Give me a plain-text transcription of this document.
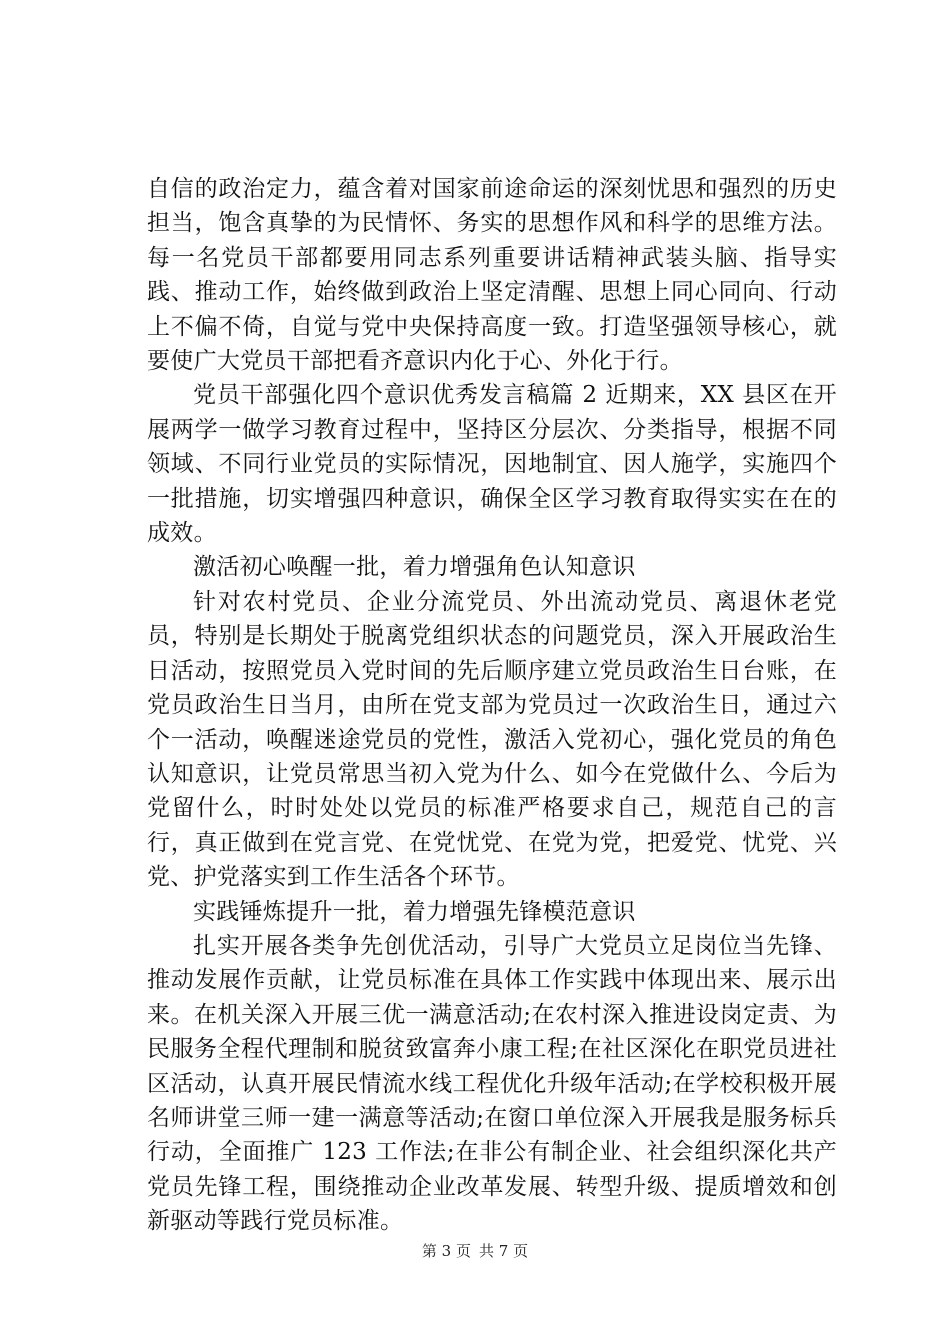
自信的政治定力，蕴含着对国家前途命运的深刻忧思和强烈的历史担当，饱含真挚的为民情怀、务实的思想作风和科学的思维方法。每一名党员干部都要用同志系列重要讲话精神武装头脑、指导实践、推动工作，始终做到政治上坚定清醒、思想上同心同向、行动上不偏不倚，自觉与党中央保持高度一致。打造坚强领导核心，就要使广大党员干部把看齐意识内化于心、外化于行。

党员干部强化四个意识优秀发言稿篇 2 近期来，XX 县区在开展两学一做学习教育过程中，坚持区分层次、分类指导，根据不同领域、不同行业党员的实际情况，因地制宜、因人施学，实施四个一批措施，切实增强四种意识，确保全区学习教育取得实实在在的成效。

激活初心唤醒一批，着力增强角色认知意识

针对农村党员、企业分流党员、外出流动党员、离退休老党员，特别是长期处于脱离党组织状态的问题党员，深入开展政治生日活动，按照党员入党时间的先后顺序建立党员政治生日台账，在党员政治生日当月，由所在党支部为党员过一次政治生日，通过六个一活动，唤醒迷途党员的党性，激活入党初心，强化党员的角色认知意识，让党员常思当初入党为什么、如今在党做什么、今后为党留什么，时时处处以党员的标准严格要求自己，规范自己的言行，真正做到在党言党、在党忧党、在党为党，把爱党、忧党、兴党、护党落实到工作生活各个环节。

实践锤炼提升一批，着力增强先锋模范意识

扎实开展各类争先创优活动，引导广大党员立足岗位当先锋、推动发展作贡献，让党员标准在具体工作实践中体现出来、展示出来。在机关深入开展三优一满意活动;在农村深入推进设岗定责、为民服务全程代理制和脱贫致富奔小康工程;在社区深化在职党员进社区活动，认真开展民情流水线工程优化升级年活动;在学校积极开展名师讲堂三师一建一满意等活动;在窗口单位深入开展我是服务标兵行动，全面推广 123 工作法;在非公有制企业、社会组织深化共产党员先锋工程，围绕推动企业改革发展、转型升级、提质增效和创新驱动等践行党员标准。

第 3 页 共 7 页
